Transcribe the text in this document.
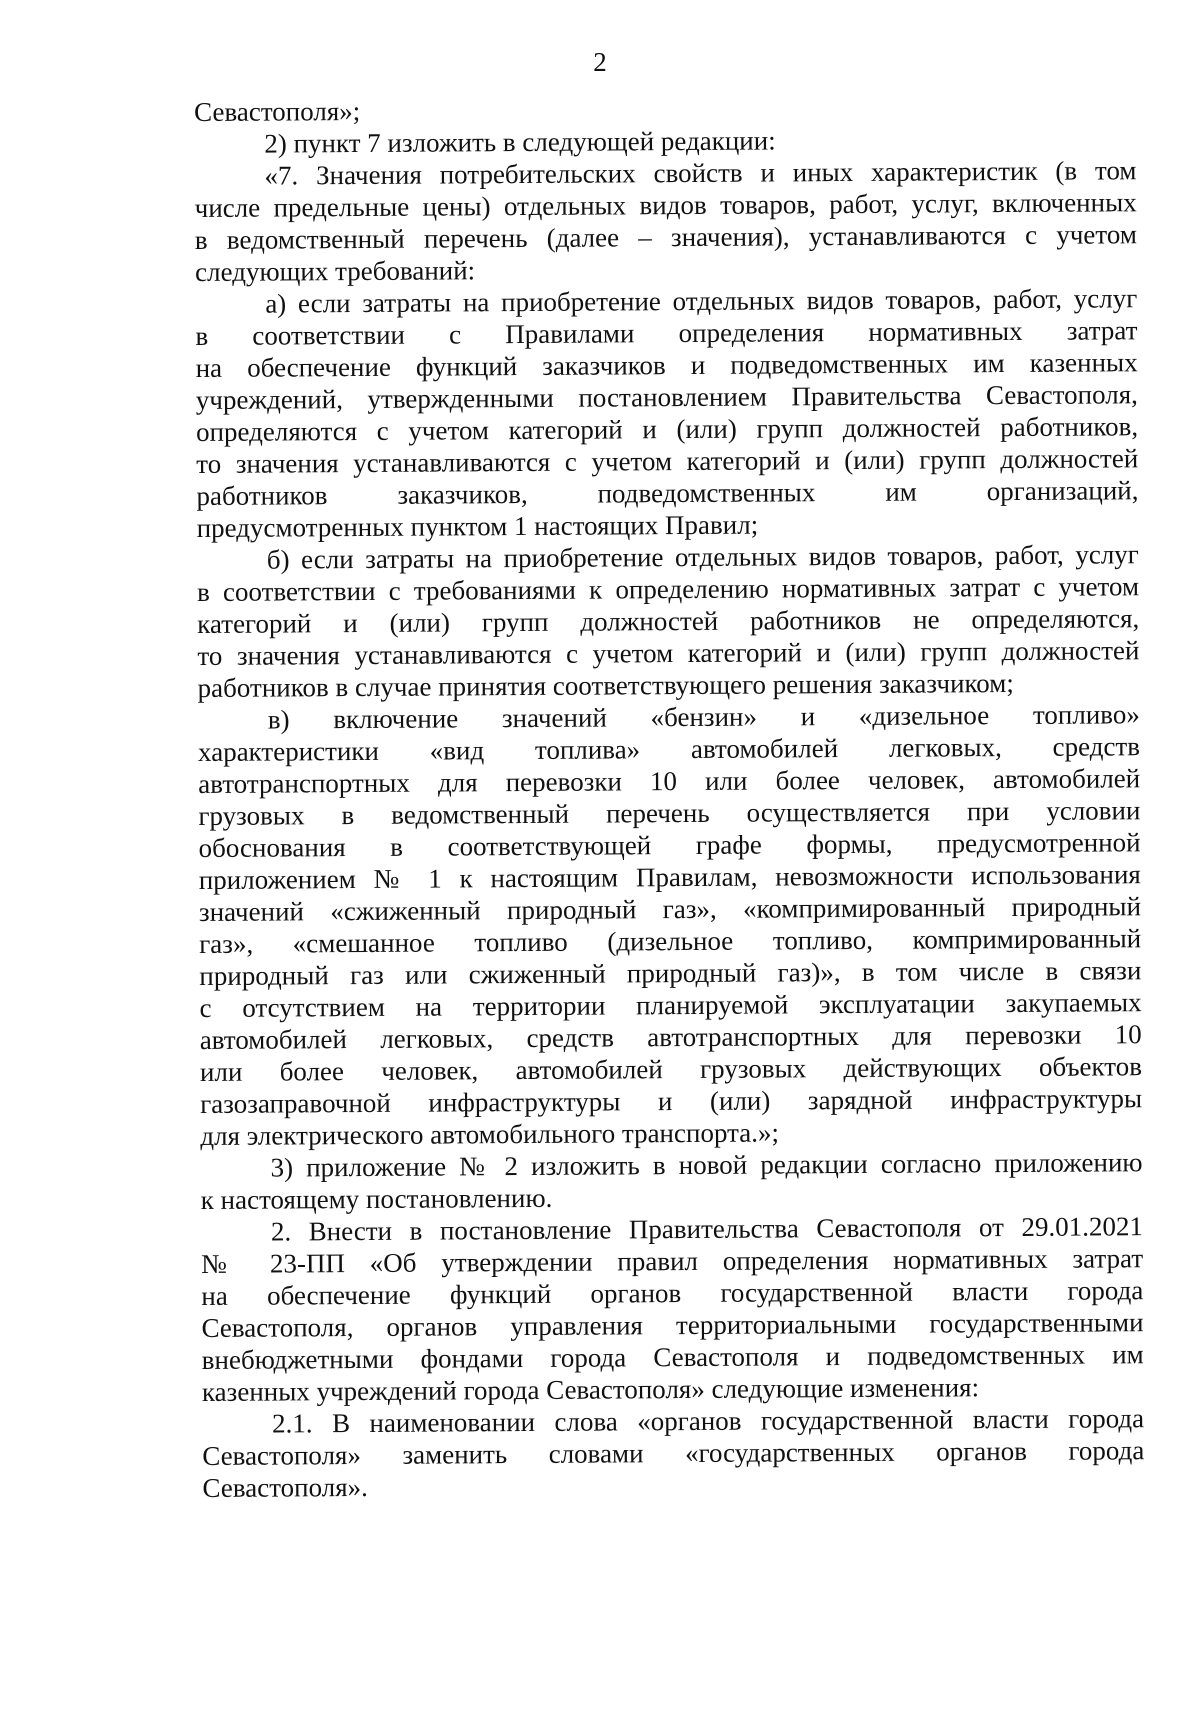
2
Севастополя»;
2) пункт 7 изложить в следующей редакции:
«7. Значения потребительских свойств и иных характеристик (в том
числе предельные цены) отдельных видов товаров, работ, услуг, включенных
в ведомственный перечень (далее – значения), устанавливаются с учетом
следующих требований:
а) если затраты на приобретение отдельных видов товаров, работ, услуг
в соответствии с Правилами определения нормативных затрат
на обеспечение функций заказчиков и подведомственных им казенных
учреждений, утвержденными постановлением Правительства Севастополя,
определяются с учетом категорий и (или) групп должностей работников,
то значения устанавливаются с учетом категорий и (или) групп должностей
работников заказчиков, подведомственных им организаций,
предусмотренных пунктом 1 настоящих Правил;
б) если затраты на приобретение отдельных видов товаров, работ, услуг
в соответствии с требованиями к определению нормативных затрат с учетом
категорий и (или) групп должностей работников не определяются,
то значения устанавливаются с учетом категорий и (или) групп должностей
работников в случае принятия соответствующего решения заказчиком;
в) включение значений «бензин» и «дизельное топливо»
характеристики «вид топлива» автомобилей легковых, средств
автотранспортных для перевозки 10 или более человек, автомобилей
грузовых в ведомственный перечень осуществляется при условии
обоснования в соответствующей графе формы, предусмотренной
приложением № 1 к настоящим Правилам, невозможности использования
значений «сжиженный природный газ», «компримированный природный
газ», «смешанное топливо (дизельное топливо, компримированный
природный газ или сжиженный природный газ)», в том числе в связи
с отсутствием на территории планируемой эксплуатации закупаемых
автомобилей легковых, средств автотранспортных для перевозки 10
или более человек, автомобилей грузовых действующих объектов
газозаправочной инфраструктуры и (или) зарядной инфраструктуры
для электрического автомобильного транспорта.»;
3) приложение № 2 изложить в новой редакции согласно приложению
к настоящему постановлению.
2. Внести в постановление Правительства Севастополя от 29.01.2021
№ 23-ПП «Об утверждении правил определения нормативных затрат
на обеспечение функций органов государственной власти города
Севастополя, органов управления территориальными государственными
внебюджетными фондами города Севастополя и подведомственных им
казенных учреждений города Севастополя» следующие изменения:
2.1. В наименовании слова «органов государственной власти города
Севастополя» заменить словами «государственных органов города
Севастополя».
